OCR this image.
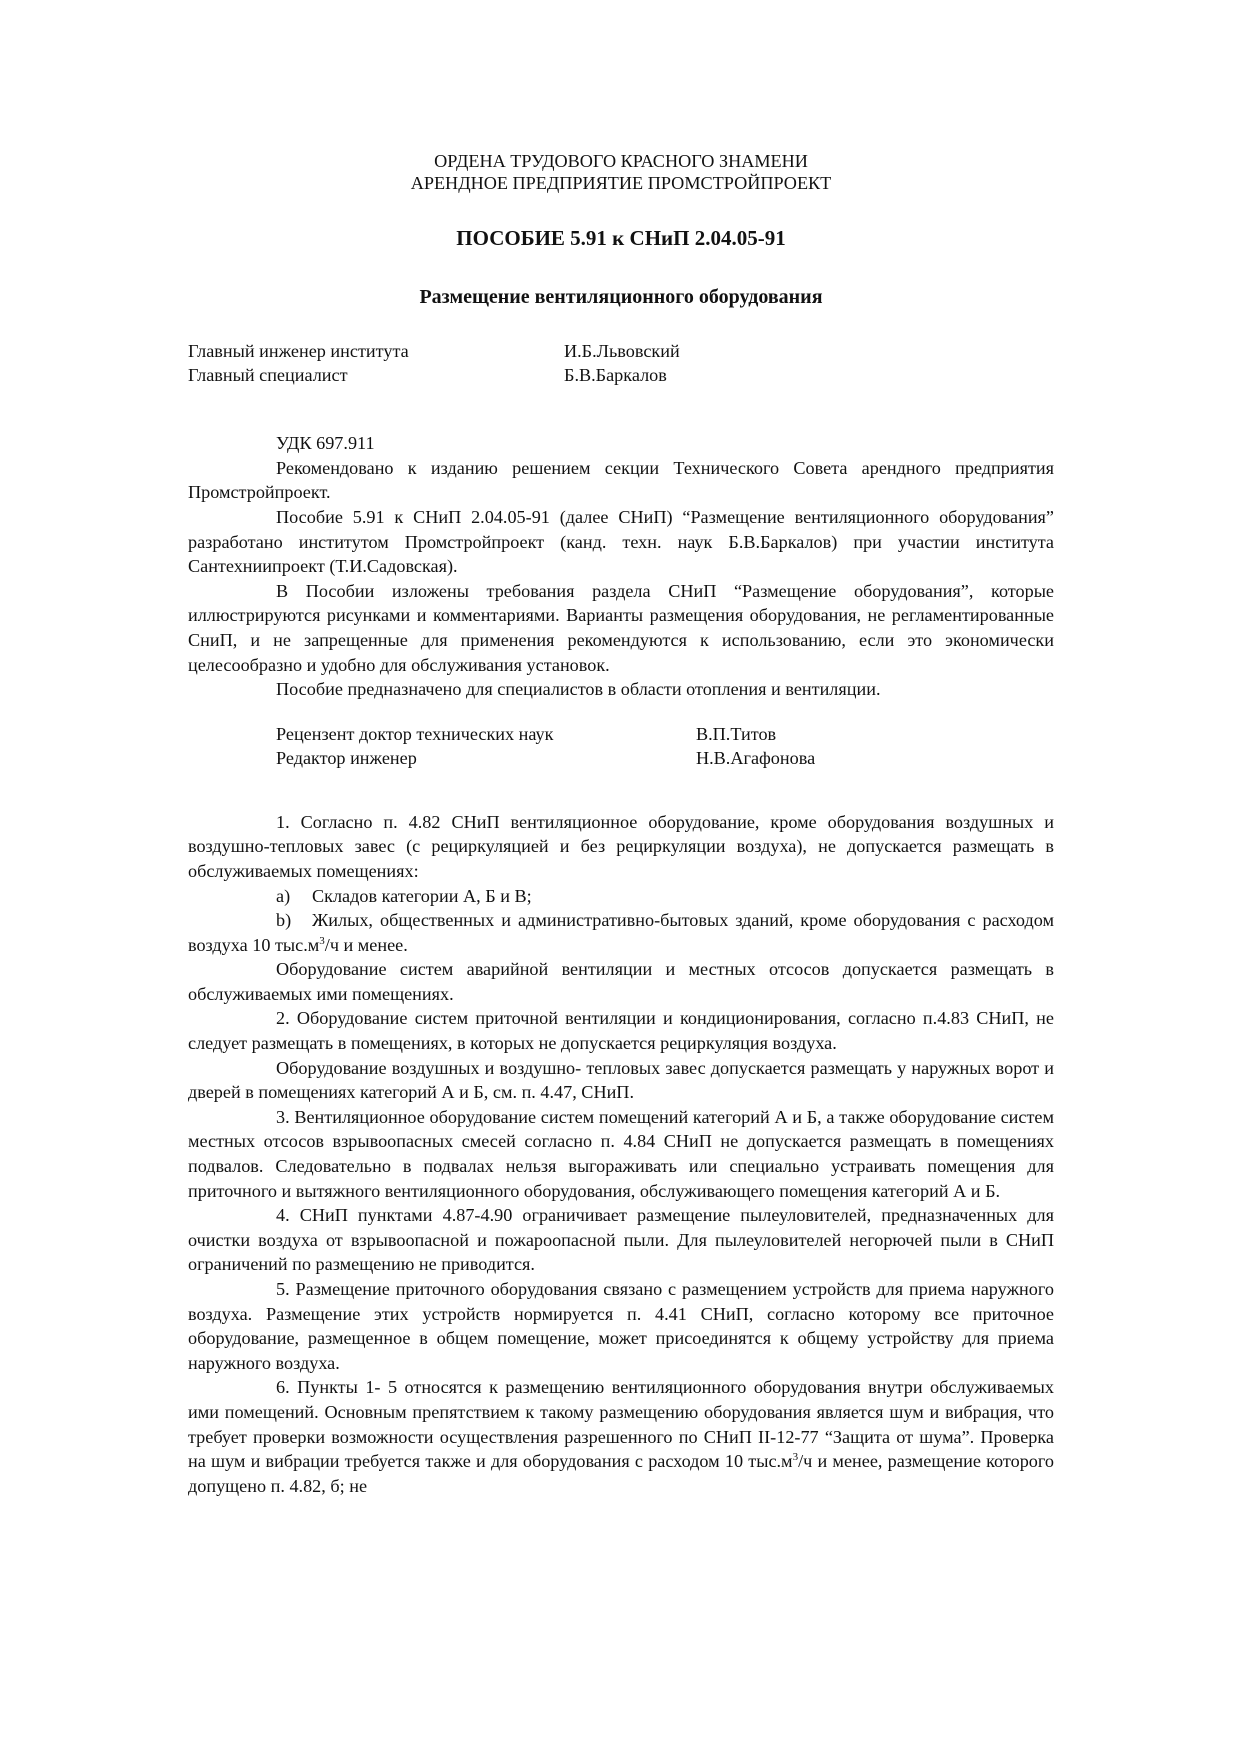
ОРДЕНА ТРУДОВОГО КРАСНОГО ЗНАМЕНИ
АРЕНДНОЕ ПРЕДПРИЯТИЕ ПРОМСТРОЙПРОЕКТ
ПОСОБИЕ 5.91 к СНиП 2.04.05-91
Размещение вентиляционного оборудования
Главный инженер института	И.Б.Львовский
Главный специалист	Б.В.Баркалов
УДК 697.911

Рекомендовано к изданию решением секции Технического Совета арендного предприятия Промстройпроект.

Пособие 5.91 к СНиП 2.04.05-91 (далее СНиП) “Размещение вентиляционного оборудования” разработано институтом Промстройпроект (канд. техн. наук Б.В.Баркалов) при участии института Сантехниипроект (Т.И.Садовская).

В Пособии изложены требования раздела СНиП “Размещение оборудования”, которые иллюстрируются рисунками и комментариями. Варианты размещения оборудования, не регламентированные СниП, и не запрещенные для применения рекомендуются к использованию, если это экономически целесообразно и удобно для обслуживания установок.

Пособие предназначено для специалистов в области отопления и вентиляции.

Рецензент доктор технических наук	В.П.Титов
Редактор инженер	Н.В.Агафонова

1. Согласно п. 4.82 СНиП вентиляционное оборудование, кроме оборудования воздушных и воздушно-тепловых завес (с рециркуляцией и без рециркуляции воздуха), не допускается размещать в обслуживаемых помещениях:

a) Складов категории А, Б и В;
b) Жилых, общественных и административно-бытовых зданий, кроме оборудования с расходом воздуха 10 $тыс.м^3/ч$ и менее.

Оборудование систем аварийной вентиляции и местных отсосов допускается размещать в обслуживаемых ими помещениях.

2. Оборудование систем приточной вентиляции и кондиционирования, согласно п.4.83 СНиП, не следует размещать в помещениях, в которых не допускается рециркуляция воздуха.

Оборудование воздушных и воздушно- тепловых завес допускается размещать у наружных ворот и дверей в помещениях категорий А и Б, см. п. 4.47, СНиП.

3. Вентиляционное оборудование систем помещений категорий А и Б, а также оборудование систем местных отсосов взрывоопасных смесей согласно п. 4.84 СНиП не допускается размещать в помещениях подвалов. Следовательно в подвалах нельзя выгораживать или специально устраивать помещения для приточного и вытяжного вентиляционного оборудования, обслуживающего помещения категорий А и Б.

4. СНиП пунктами 4.87-4.90 ограничивает размещение пылеуловителей, предназначенных для очистки воздуха от взрывоопасной и пожароопасной пыли. Для пылеуловителей негорючей пыли в СНиП ограничений по размещению не приводится.

5. Размещение приточного оборудования связано с размещением устройств для приема наружного воздуха. Размещение этих устройств нормируется п. 4.41 СНиП, согласно которому все приточное оборудование, размещенное в общем помещение, может присоединятся к общему устройству для приема наружного воздуха.

6. Пункты 1- 5 относятся к размещению вентиляционного оборудования внутри обслуживаемых ими помещений. Основным препятствием к такому размещению оборудования является шум и вибрация, что требует проверки возможности осуществления разрешенного по СНиП II-12-77 “Защита от шума”. Проверка на шум и вибрации требуется также и для оборудования с расходом 10 $тыс.м^3/ч$ и менее, размещение которого допущено п. 4.82, б; не
